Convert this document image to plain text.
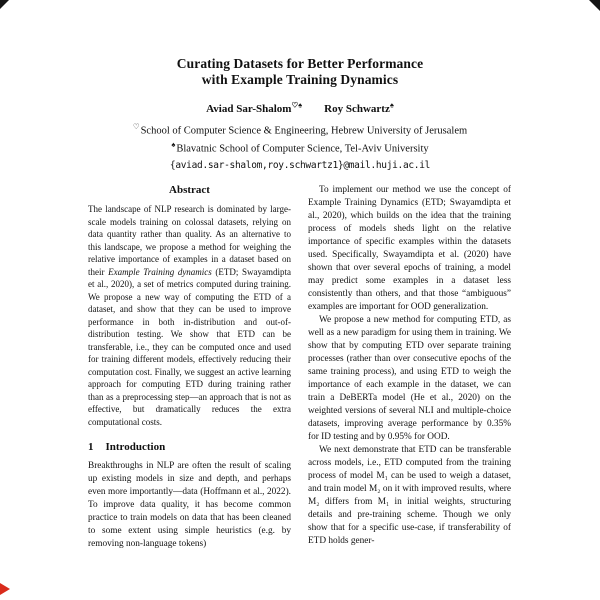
Curating Datasets for Better Performance
with Example Training Dynamics
Aviad Sar-Shalom♡♠ Roy Schwartz♠
♡School of Computer Science & Engineering, Hebrew University of Jerusalem
♠Blavatnic School of Computer Science, Tel-Aviv University
{aviad.sar-shalom,roy.schwartz1}@mail.huji.ac.il
Abstract

The landscape of NLP research is dominated by large-scale models training on colossal datasets, relying on data quantity rather than quality. As an alternative to this landscape, we propose a method for weighing the relative importance of examples in a dataset based on their Example Training dynamics (ETD; Swayamdipta et al., 2020), a set of metrics computed during training. We propose a new way of computing the ETD of a dataset, and show that they can be used to improve performance in both in-distribution and out-of-distribution testing. We show that ETD can be transferable, i.e., they can be computed once and used for training different models, effectively reducing their computation cost. Finally, we suggest an active learning approach for computing ETD during training rather than as a preprocessing step—an approach that is not as effective, but dramatically reduces the extra computational costs.

1 Introduction

Breakthroughs in NLP are often the result of scaling up existing models in size and depth, and perhaps even more importantly—data (Hoffmann et al., 2022). To improve data quality, it has become common practice to train models on data that has been cleaned to some extent using simple heuristics (e.g. by removing non-language tokens)

To implement our method we use the concept of Example Training Dynamics (ETD; Swayamdipta et al., 2020), which builds on the idea that the training process of models sheds light on the relative importance of specific examples within the datasets used. Specifically, Swayamdipta et al. (2020) have shown that over several epochs of training, a model may predict some examples in a dataset less consistently than others, and that those “ambiguous” examples are important for OOD generalization.

We propose a new method for computing ETD, as well as a new paradigm for using them in training. We show that by computing ETD over separate training processes (rather than over consecutive epochs of the same training process), and using ETD to weigh the importance of each example in the dataset, we can train a DeBERTa model (He et al., 2020) on the weighted versions of several NLI and multiple-choice datasets, improving average performance by 0.35% for ID testing and by 0.95% for OOD.

We next demonstrate that ETD can be transferable across models, i.e., ETD computed from the training process of model M₁ can be used to weigh a dataset, and train model M₂ on it with improved results, where M₂ differs from M₁ in initial weights, structuring details and pre-training scheme. Though we only show that for a specific use-case, if transferability of ETD holds gener-
